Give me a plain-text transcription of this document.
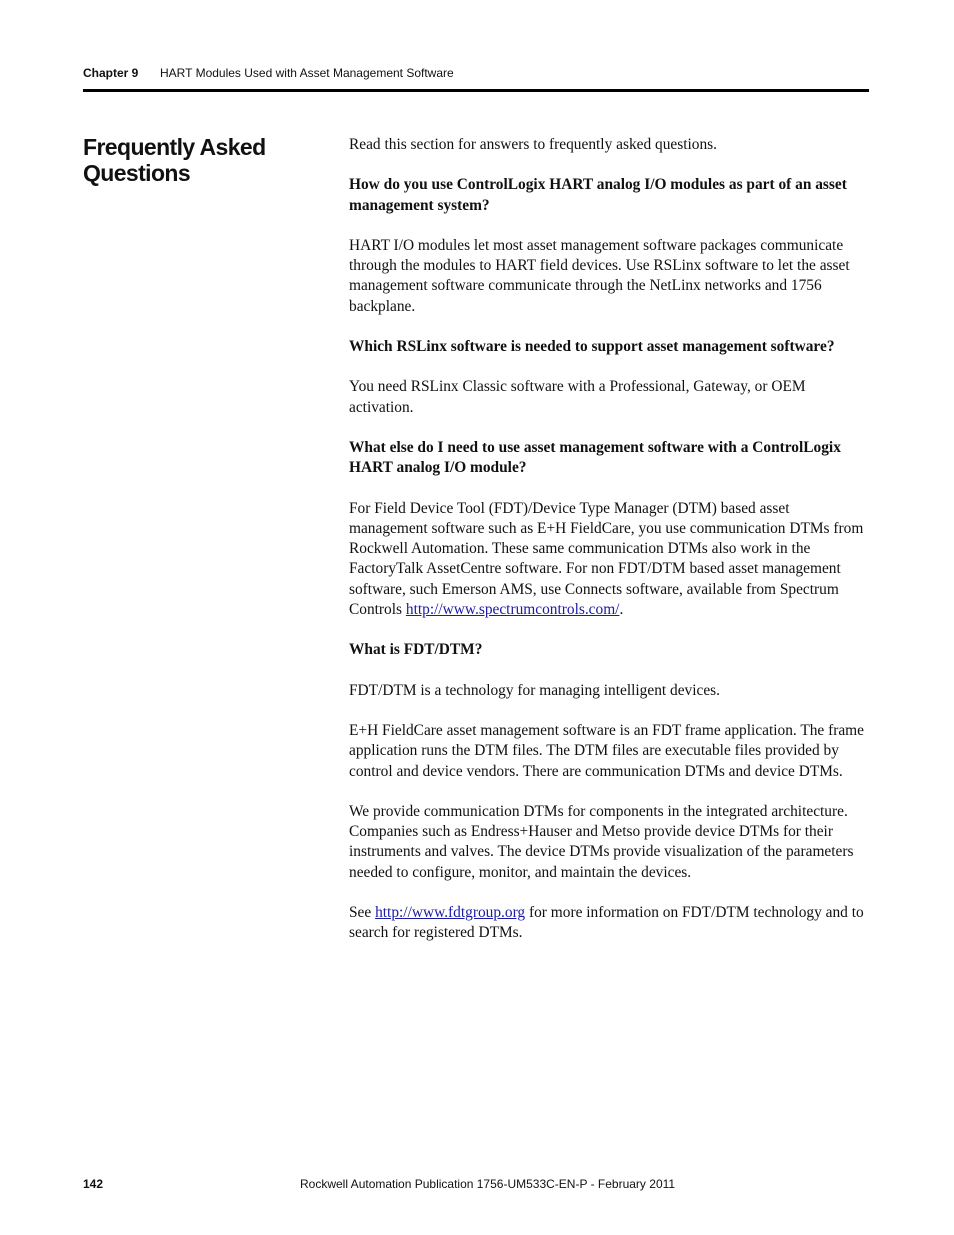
Chapter 9 HART Modules Used with Asset Management Software
Frequently Asked Questions

Read this section for answers to frequently asked questions.

How do you use ControlLogix HART analog I/O modules as part of an asset management system?

HART I/O modules let most asset management software packages communicate through the modules to HART field devices. Use RSLinx software to let the asset management software communicate through the NetLinx networks and 1756 backplane.

Which RSLinx software is needed to support asset management software?

You need RSLinx Classic software with a Professional, Gateway, or OEM activation.

What else do I need to use asset management software with a ControlLogix HART analog I/O module?

For Field Device Tool (FDT)/Device Type Manager (DTM) based asset management software such as E+H FieldCare, you use communication DTMs from Rockwell Automation. These same communication DTMs also work in the FactoryTalk AssetCentre software. For non FDT/DTM based asset management software, such Emerson AMS, use Connects software, available from Spectrum Controls http://www.spectrumcontrols.com/.

What is FDT/DTM?

FDT/DTM is a technology for managing intelligent devices.

E+H FieldCare asset management software is an FDT frame application. The frame application runs the DTM files. The DTM files are executable files provided by control and device vendors. There are communication DTMs and device DTMs.

We provide communication DTMs for components in the integrated architecture. Companies such as Endress+Hauser and Metso provide device DTMs for their instruments and valves. The device DTMs provide visualization of the parameters needed to configure, monitor, and maintain the devices.

See http://www.fdtgroup.org for more information on FDT/DTM technology and to search for registered DTMs.

142	Rockwell Automation Publication 1756-UM533C-EN-P - February 2011
